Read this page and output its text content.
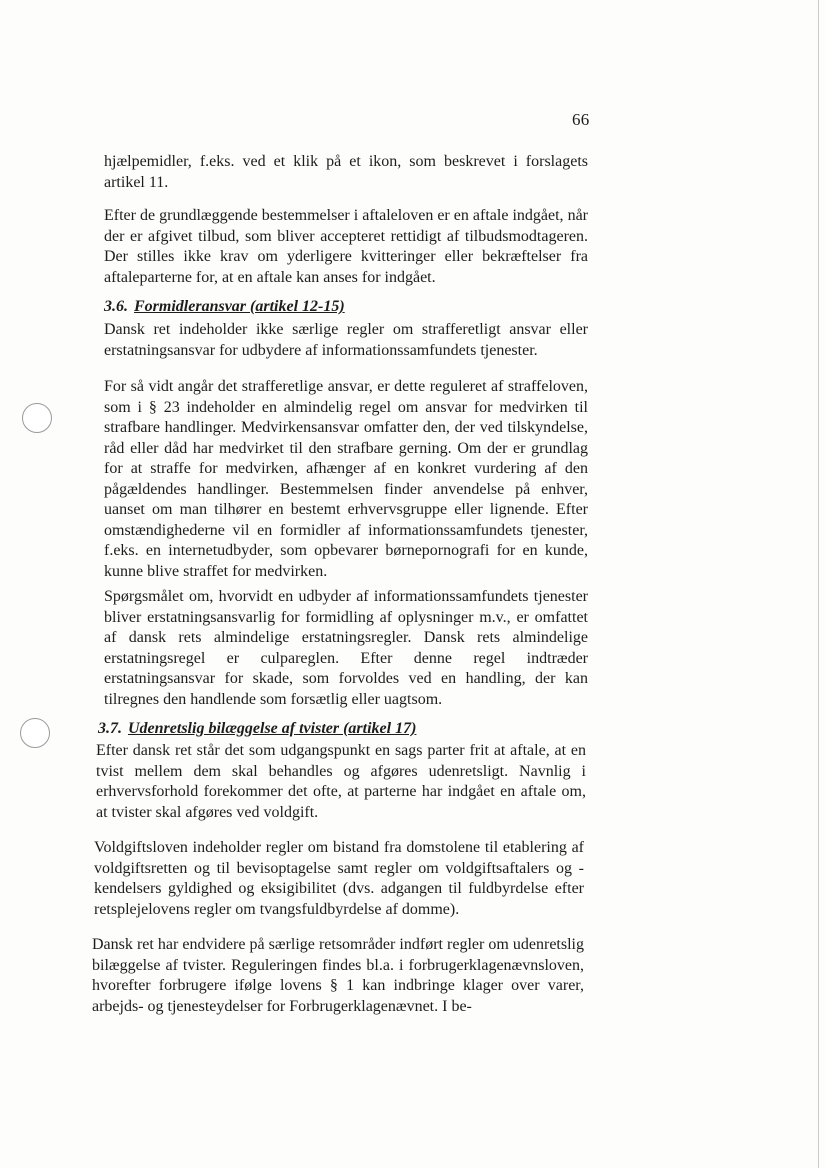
66

hjælpemidler, f.eks. ved et klik på et ikon, som beskrevet i forslagets artikel 11.

Efter de grundlæggende bestemmelser i aftaleloven er en aftale indgået, når der er afgivet tilbud, som bliver accepteret rettidigt af tilbudsmodtageren. Der stilles ikke krav om yderligere kvitteringer eller bekræftelser fra aftaleparterne for, at en aftale kan anses for indgået.

3.6. Formidleransvar (artikel 12-15)

Dansk ret indeholder ikke særlige regler om strafferetligt ansvar eller erstatningsansvar for udbydere af informationssamfundets tjenester.

For så vidt angår det strafferetlige ansvar, er dette reguleret af straffeloven, som i § 23 indeholder en almindelig regel om ansvar for medvirken til strafbare handlinger. Medvirkensansvar omfatter den, der ved tilskyndelse, råd eller dåd har medvirket til den strafbare gerning. Om der er grundlag for at straffe for medvirken, afhænger af en konkret vurdering af den pågældendes handlinger. Bestemmelsen finder anvendelse på enhver, uanset om man tilhører en bestemt erhvervsgruppe eller lignende. Efter omstændighederne vil en formidler af informationssamfundets tjenester, f.eks. en internetudbyder, som opbevarer børnepornografi for en kunde, kunne blive straffet for medvirken.

Spørgsmålet om, hvorvidt en udbyder af informationssamfundets tjenester bliver erstatningsansvarlig for formidling af oplysninger m.v., er omfattet af dansk rets almindelige erstatningsregler. Dansk rets almindelige erstatningsregel er culpareglen. Efter denne regel indtræder erstatningsansvar for skade, som forvoldes ved en handling, der kan tilregnes den handlende som forsætlig eller uagtsom.

3.7. Udenretslig bilæggelse af tvister (artikel 17)

Efter dansk ret står det som udgangspunkt en sags parter frit at aftale, at en tvist mellem dem skal behandles og afgøres udenretsligt. Navnlig i erhvervsforhold forekommer det ofte, at parterne har indgået en aftale om, at tvister skal afgøres ved voldgift.

Voldgiftsloven indeholder regler om bistand fra domstolene til etablering af voldgiftsretten og til bevisoptagelse samt regler om voldgiftsaftalers og -kendelsers gyldighed og eksigibilitet (dvs. adgangen til fuldbyrdelse efter retsplejelovens regler om tvangsfuldbyrdelse af domme).

Dansk ret har endvidere på særlige retsområder indført regler om udenretslig bilæggelse af tvister. Reguleringen findes bl.a. i forbrugerklagenævnsloven, hvorefter forbrugere ifølge lovens § 1 kan indbringe klager over varer, arbejds- og tjenesteydelser for Forbrugerklagenævnet. I be-
